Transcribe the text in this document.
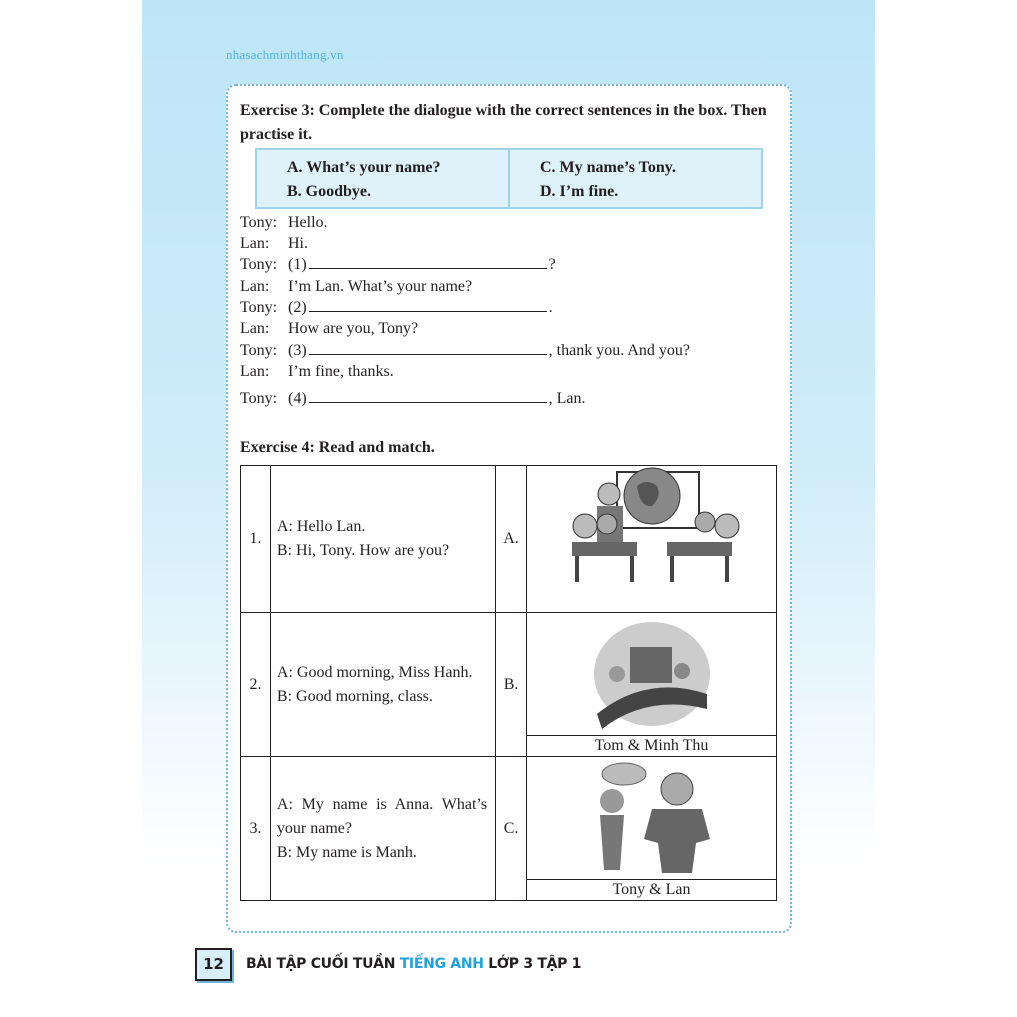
nhasachminhthang.vn
Exercise 3: Complete the dialogue with the correct sentences in the box. Then practise it.
A. What’s your name?
B. Goodbye.
C. My name’s Tony.
D. I’m fine.
Tony: Hello.
Lan:	Hi.
Tony: (1)	?
Lan:	I’m Lan. What’s your name?
Tony: (2)	.
Lan:	How are you, Tony?
Tony: (3)	, thank you. And you?
Lan:	I’m fine, thanks.
Tony: (4)	, Lan.
Exercise 4: Read and match.
1.	A: Hello Lan.
B: Hi, Tony. How are you?	A.	
2.	A: Good morning, Miss Hanh.
B: Good morning, class.	B.	Tom & Minh Thu

3.	A: My name is Anna. What’s your name?
B: My name is Manh.	C.	Tony & Lan
12	BÀI TẬP CUỐI TUẦN TIẾNG ANH LỚP 3 TẬP 1
